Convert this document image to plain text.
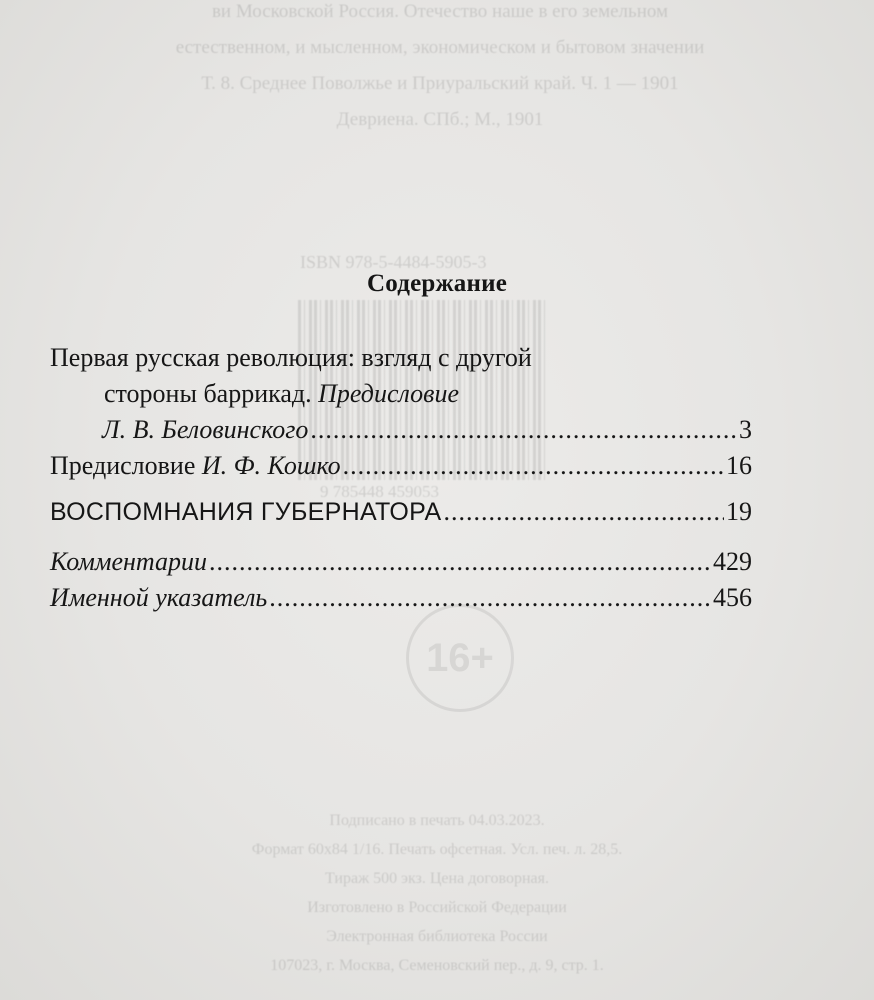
ви Московской Россия. Отечество наше в его земельном
естественном, и мысленном, экономическом и бытовом значении
Т. 8. Среднее Поволжье и Приуральский край. Ч. 1 — 1901
Девриена. СПб.; М., 1901
ISBN 978-5-4484-5905-3
9 785448 459053
16+
Подписано в печать 04.03.2023.
Формат 60x84 1/16. Печать офсетная. Усл. печ. л. 28,5.
Тираж 500 экз. Цена договорная.
Изготовлено в Российской Федерации
Электронная библиотека России
107023, г. Москва, Семеновский пер., д. 9, стр. 1.
Содержание
Первая русская революция: взгляд с другой
стороны баррикад. Предисловие
Л. В. Беловинского .....	3
Предисловие И. Ф. Кошко .....	16
ВОСПОМНАНИЯ ГУБЕРНАТОРА .....	19
Комментарии .....	429
Именной указатель .....	456
